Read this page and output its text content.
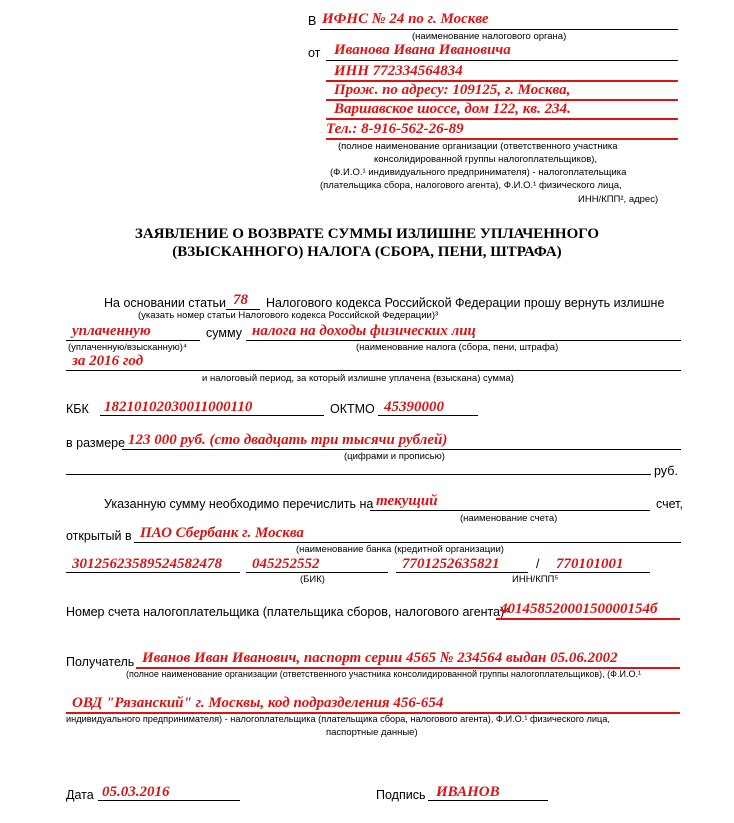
В ИФНС № 24 по г. Москве
(наименование налогового органа)
от Иванова Ивана Ивановича
ИНН 772334564834
Прож. по адресу: 109125, г. Москва,
Варшавское шоссе, дом 122, кв. 234.
Тел.: 8-916-562-26-89
(полное наименование организации (ответственного участника
консолидированной группы налогоплательщиков),
(Ф.И.О.¹ индивидуального предпринимателя) - налогоплательщика
(плательщика сбора, налогового агента), Ф.И.О.¹ физического лица,
ИНН/КПП², адрес)
ЗАЯВЛЕНИЕ О ВОЗВРАТЕ СУММЫ ИЗЛИШНЕ УПЛАЧЕННОГО
(ВЗЫСКАННОГО) НАЛОГА (СБОРА, ПЕНИ, ШТРАФА)
На основании статьи 78 Налогового кодекса Российской Федерации прошу вернуть излишне
(указать номер статьи Налогового кодекса Российской Федерации)³
уплаченную	сумму налога на доходы физических лиц
(уплаченную/взысканную)⁴	(наименование налога (сбора, пени, штрафа)
за 2016 год
и налоговый период, за который излишне уплачена (взыскана) сумма)
КБК 18210102030011000110	ОКТМО 45390000
в размере 123 000 руб. (сто двадцать три тысячи рублей)
(цифрами и прописью)
руб.
Указанную сумму необходимо перечислить на текущий	счет,
(наименование счета)
открытый в ПАО Сбербанк г. Москва
(наименование банка (кредитной организации)
30125623589524582478 045252552	7701252635821	/ 770101001
(БИК)	ИНН/КПП⁵
Номер счета налогоплательщика (плательщика сборов, налогового агента)⁴
40145852000150000154б
Получатель Иванов Иван Иванович, паспорт серии 4565 № 234564 выдан 05.06.2002
(полное наименование организации (ответственного участника консолидированной группы налогоплательщиков), (Ф.И.О.¹
ОВД "Рязанский" г. Москвы, код подразделения 456-654
индивидуального предпринимателя) - налогоплательщика (плательщика сбора, налогового агента), Ф.И.О.¹ физического лица,
паспортные данные)
Дата 05.03.2016	Подпись ИВАНОВ
